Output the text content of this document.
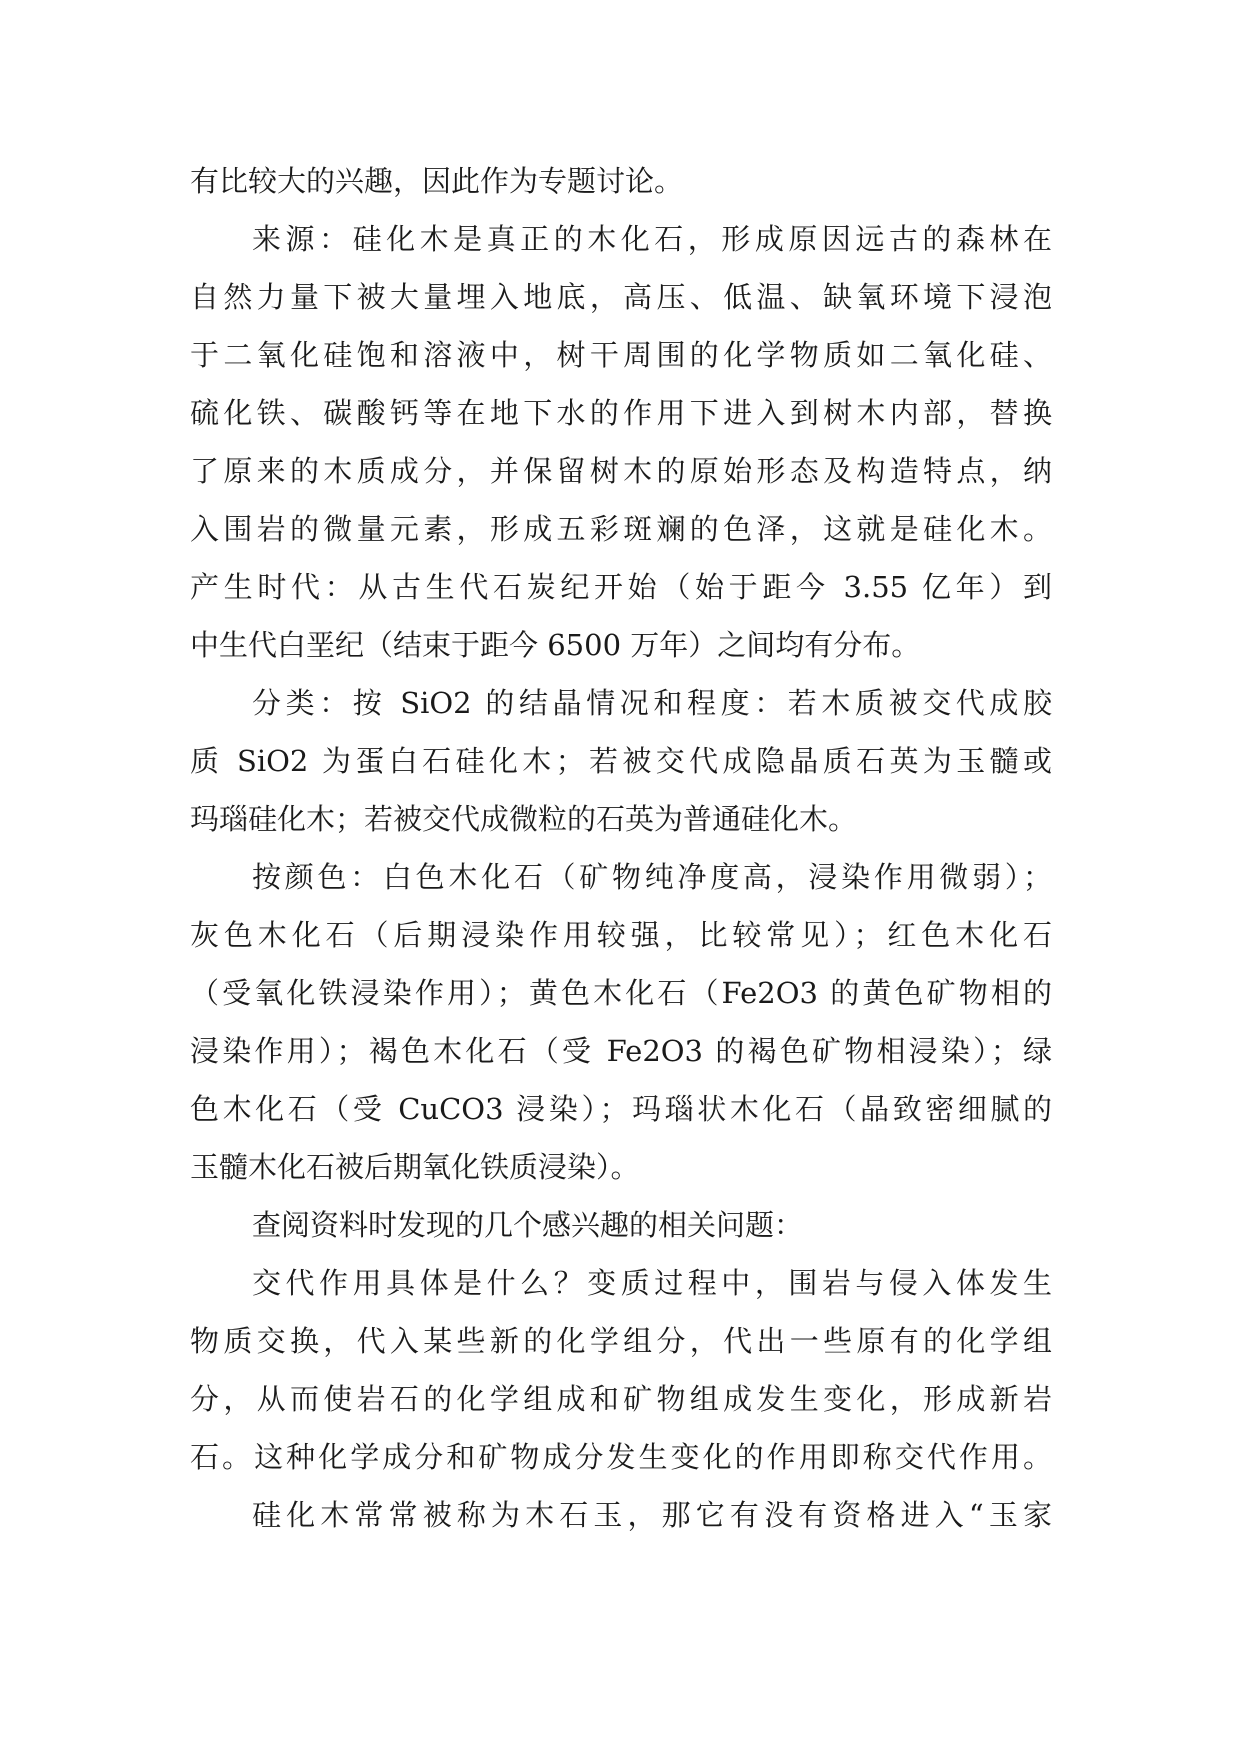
有比较大的兴趣，因此作为专题讨论。
来源：硅化木是真正的木化石，形成原因远古的森林在
自然力量下被大量埋入地底，高压、低温、缺氧环境下浸泡
于二氧化硅饱和溶液中，树干周围的化学物质如二氧化硅、
硫化铁、碳酸钙等在地下水的作用下进入到树木内部，替换
了原来的木质成分，并保留树木的原始形态及构造特点，纳
入围岩的微量元素，形成五彩斑斓的色泽，这就是硅化木。
产生时代：从古生代石炭纪开始（始于距今 3.55 亿年）到
中生代白垩纪（结束于距今 6500 万年）之间均有分布。
分类：按 SiO2 的结晶情况和程度：若木质被交代成胶
质 SiO2 为蛋白石硅化木；若被交代成隐晶质石英为玉髓或
玛瑙硅化木；若被交代成微粒的石英为普通硅化木。
按颜色：白色木化石（矿物纯净度高，浸染作用微弱）；
灰色木化石（后期浸染作用较强，比较常见）；红色木化石
（受氧化铁浸染作用）；黄色木化石（Fe2O3 的黄色矿物相的
浸染作用）；褐色木化石（受 Fe2O3 的褐色矿物相浸染）；绿
色木化石（受 CuCO3 浸染）；玛瑙状木化石（晶致密细腻的
玉髓木化石被后期氧化铁质浸染）。
查阅资料时发现的几个感兴趣的相关问题：
交代作用具体是什么？变质过程中，围岩与侵入体发生
物质交换，代入某些新的化学组分，代出一些原有的化学组
分，从而使岩石的化学组成和矿物组成发生变化，形成新岩
石。这种化学成分和矿物成分发生变化的作用即称交代作用。
硅化木常常被称为木石玉，那它有没有资格进入“玉家
